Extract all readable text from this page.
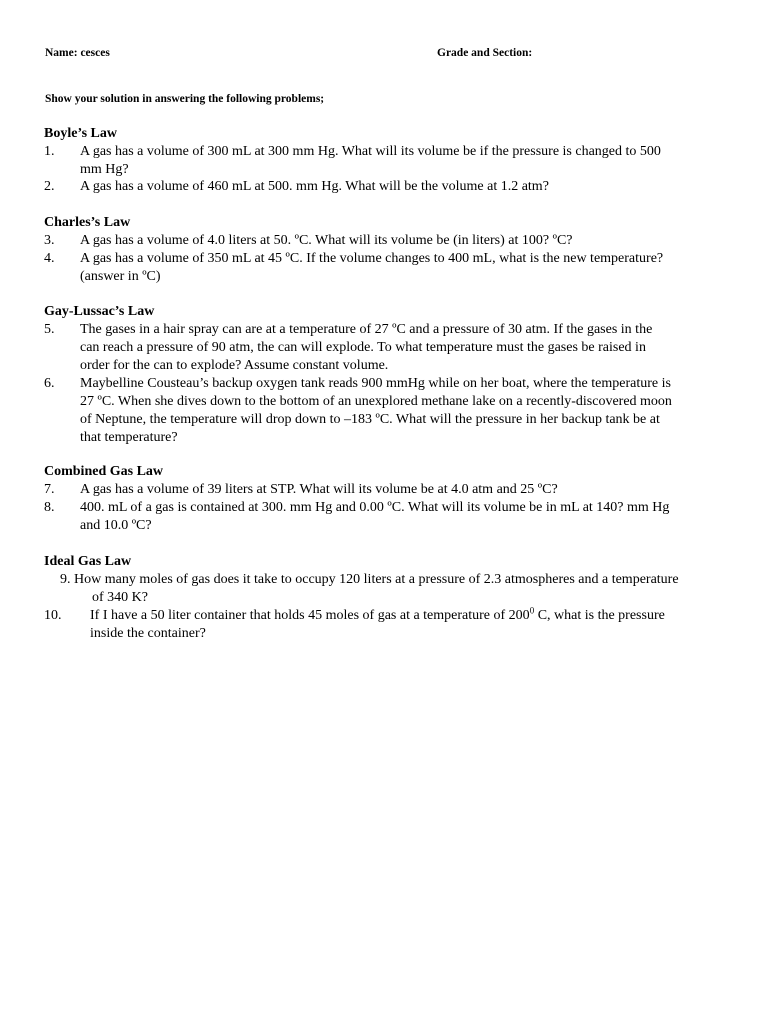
Name: cesces	Grade and Section:
Show your solution in answering the following problems;
Boyle’s Law
1. A gas has a volume of 300 mL at 300 mm Hg. What will its volume be if the pressure is changed to 500
mm Hg?
2. A gas has a volume of 460 mL at 500. mm Hg. What will be the volume at 1.2 atm?
Charles’s Law
3. A gas has a volume of 4.0 liters at 50. ºC. What will its volume be (in liters) at 100? ºC?
4. A gas has a volume of 350 mL at 45 ºC. If the volume changes to 400 mL, what is the new temperature?
(answer in ºC)
Gay-Lussac’s Law
5. The gases in a hair spray can are at a temperature of 27 ºC and a pressure of 30 atm. If the gases in the
can reach a pressure of 90 atm, the can will explode. To what temperature must the gases be raised in
order for the can to explode? Assume constant volume.
6. Maybelline Cousteau’s backup oxygen tank reads 900 mmHg while on her boat, where the temperature is
27 ºC. When she dives down to the bottom of an unexplored methane lake on a recently-discovered moon
of Neptune, the temperature will drop down to –183 ºC. What will the pressure in her backup tank be at
that temperature?
Combined Gas Law
7. A gas has a volume of 39 liters at STP. What will its volume be at 4.0 atm and 25 ºC?
8. 400. mL of a gas is contained at 300. mm Hg and 0.00 ºC. What will its volume be in mL at 140? mm Hg
and 10.0 ºC?
Ideal Gas Law
9. How many moles of gas does it take to occupy 120 liters at a pressure of 2.3 atmospheres and a temperature
of 340 K?
10. If I have a 50 liter container that holds 45 moles of gas at a temperature of $200^0$ C, what is the pressure
inside the container?
